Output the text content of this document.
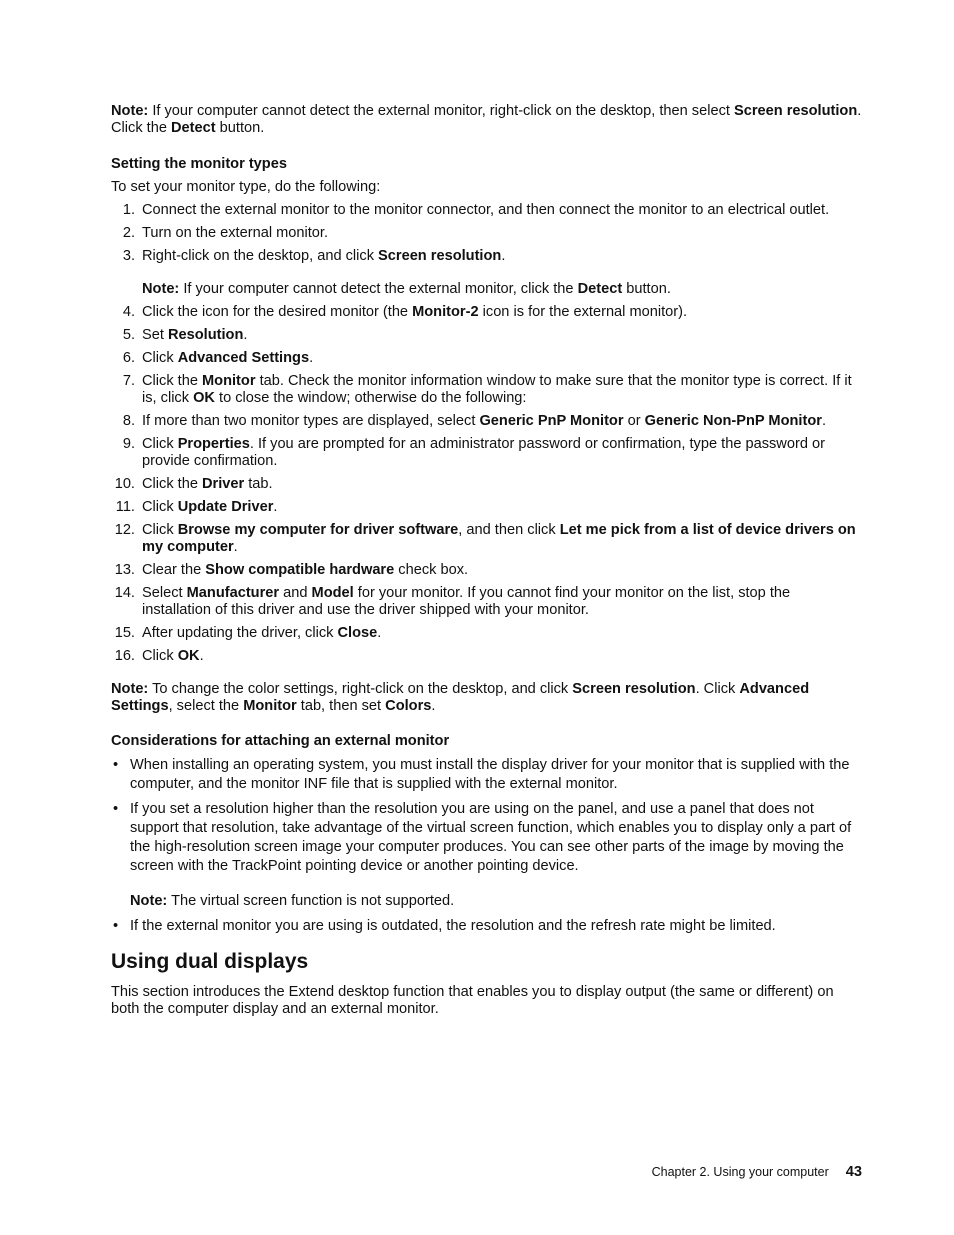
Note: If your computer cannot detect the external monitor, right-click on the desktop, then select Screen resolution. Click the Detect button.

Setting the monitor types

To set your monitor type, do the following:

1. Connect the external monitor to the monitor connector, and then connect the monitor to an electrical outlet.
2. Turn on the external monitor.
3. Right-click on the desktop, and click Screen resolution.

Note: If your computer cannot detect the external monitor, click the Detect button.

4. Click the icon for the desired monitor (the Monitor-2 icon is for the external monitor).
5. Set Resolution.
6. Click Advanced Settings.
7. Click the Monitor tab. Check the monitor information window to make sure that the monitor type is correct. If it is, click OK to close the window; otherwise do the following:
8. If more than two monitor types are displayed, select Generic PnP Monitor or Generic Non-PnP Monitor.
9. Click Properties. If you are prompted for an administrator password or confirmation, type the password or provide confirmation.
10. Click the Driver tab.
11. Click Update Driver.
12. Click Browse my computer for driver software, and then click Let me pick from a list of device drivers on my computer.
13. Clear the Show compatible hardware check box.
14. Select Manufacturer and Model for your monitor. If you cannot find your monitor on the list, stop the installation of this driver and use the driver shipped with your monitor.
15. After updating the driver, click Close.
16. Click OK.

Note: To change the color settings, right-click on the desktop, and click Screen resolution. Click Advanced Settings, select the Monitor tab, then set Colors.

Considerations for attaching an external monitor
• When installing an operating system, you must install the display driver for your monitor that is supplied with the computer, and the monitor INF file that is supplied with the external monitor.
• If you set a resolution higher than the resolution you are using on the panel, and use a panel that does not support that resolution, take advantage of the virtual screen function, which enables you to display only a part of the high-resolution screen image your computer produces. You can see other parts of the image by moving the screen with the TrackPoint pointing device or another pointing device.

Note: The virtual screen function is not supported.

• If the external monitor you are using is outdated, the resolution and the refresh rate might be limited.
Using dual displays

This section introduces the Extend desktop function that enables you to display output (the same or different) on both the computer display and an external monitor.

Chapter 2. Using your computer 43
